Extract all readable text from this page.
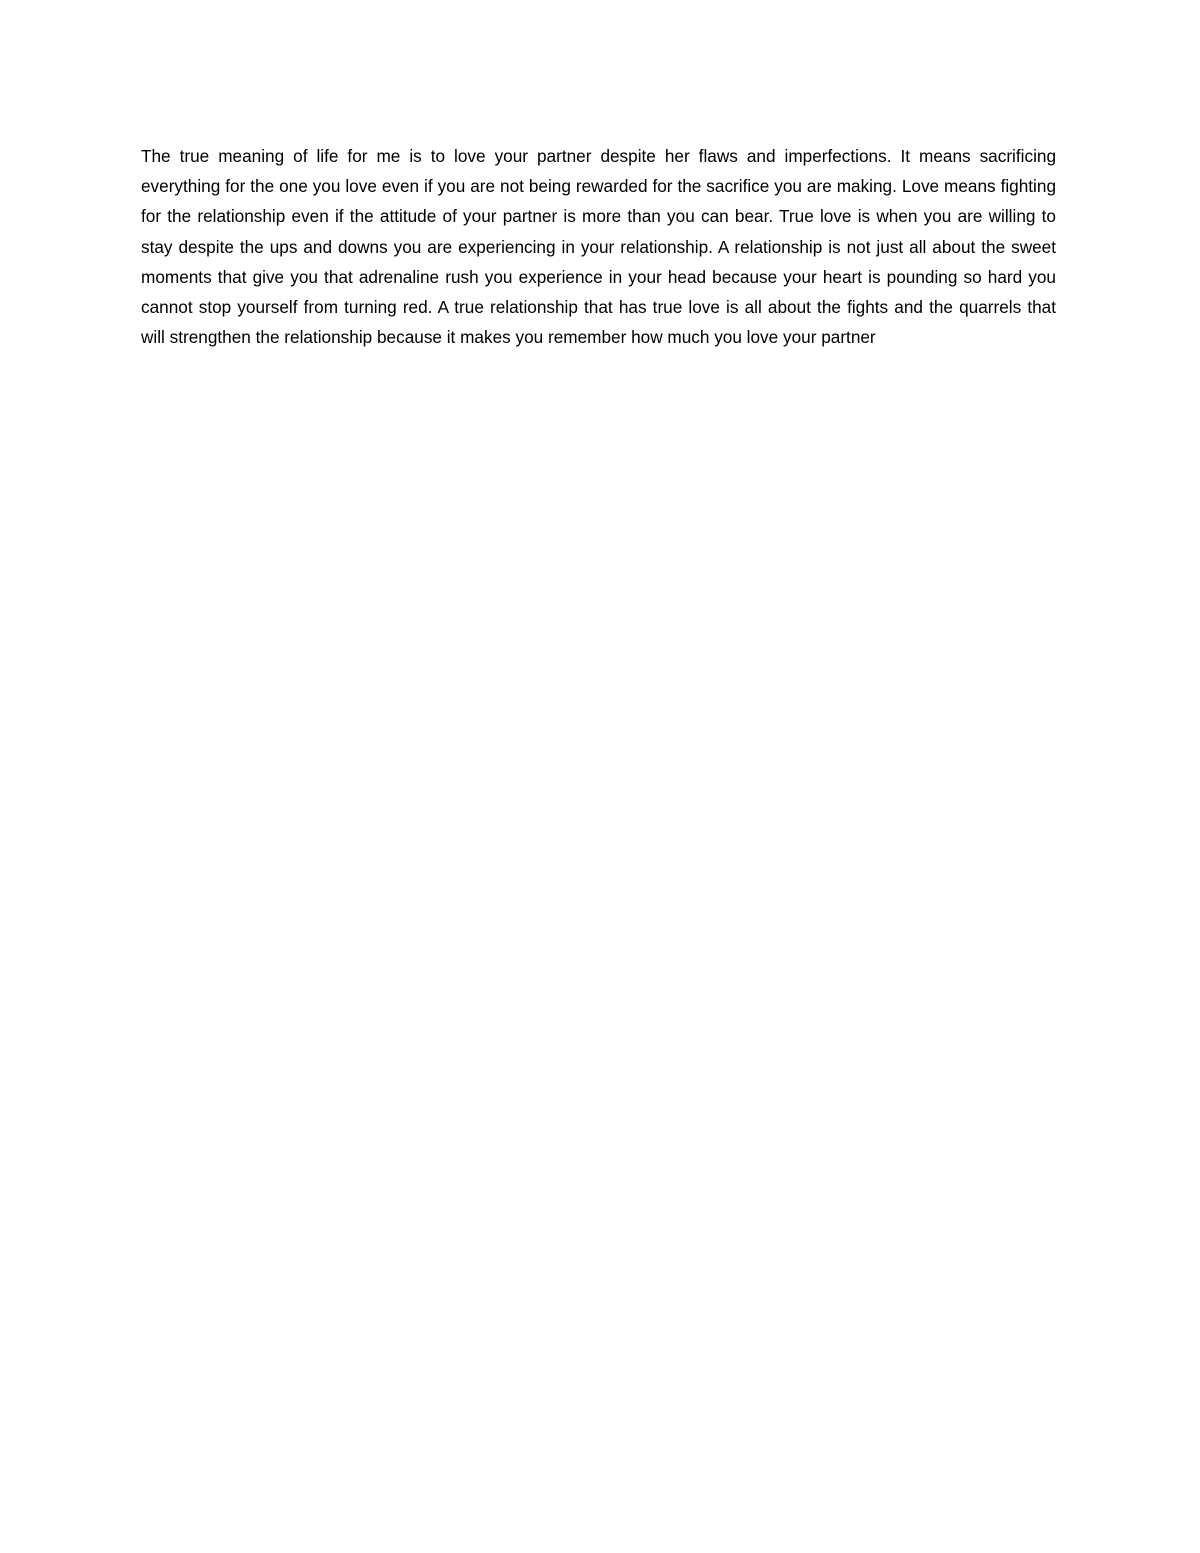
The true meaning of life for me is to love your partner despite her flaws and imperfections. It means sacrificing everything for the one you love even if you are not being rewarded for the sacrifice you are making. Love means fighting for the relationship even if the attitude of your partner is more than you can bear. True love is when you are willing to stay despite the ups and downs you are experiencing in your relationship. A relationship is not just all about the sweet moments that give you that adrenaline rush you experience in your head because your heart is pounding so hard you cannot stop yourself from turning red. A true relationship that has true love is all about the fights and the quarrels that will strengthen the relationship because it makes you remember how much you love your partner
